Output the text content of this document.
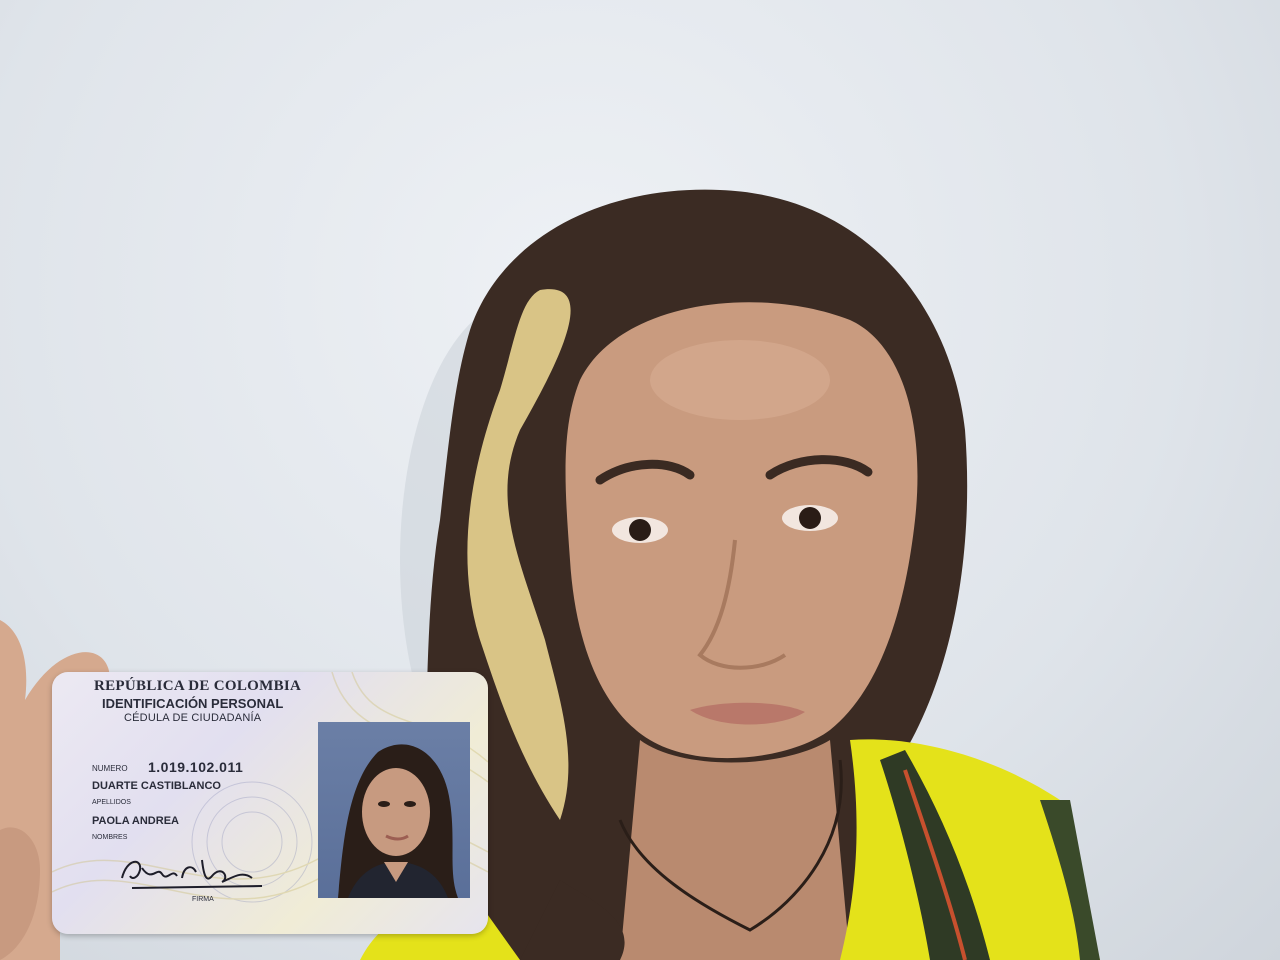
REPÚBLICA DE COLOMBIA
IDENTIFICACIÓN PERSONAL
CÉDULA DE CIUDADANÍA
NUMERO 1.019.102.011
DUARTE CASTIBLANCO
APELLIDOS
PAOLA ANDREA
NOMBRES
FIRMA
